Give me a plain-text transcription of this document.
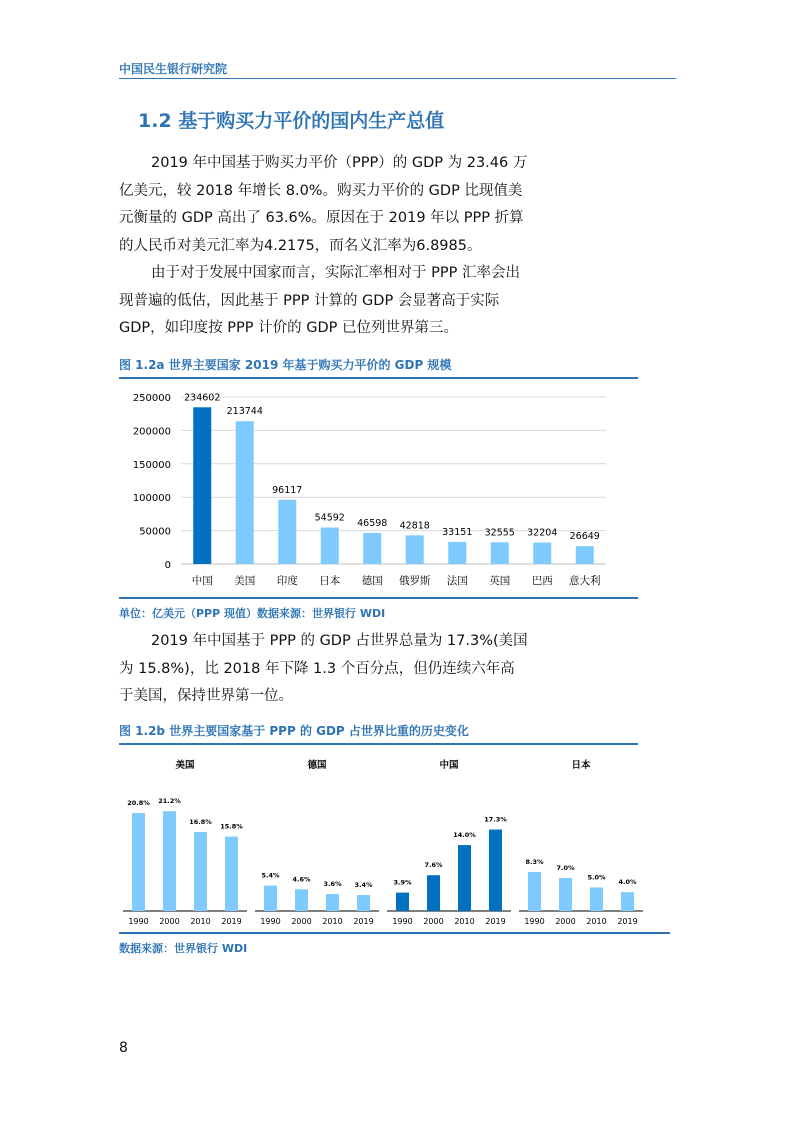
中国民生银行研究院
1.2 基于购买力平价的国内生产总值

2019 年中国基于购买力平价（PPP）的 GDP 为 23.46 万亿美元，较 2018 年增长 8.0%。购买力平价的 GDP 比现值美元衡量的 GDP 高出了 63.6%。原因在于 2019 年以 PPP 折算的人民币对美元汇率为4.2175，而名义汇率为6.8985。

由于对于发展中国家而言，实际汇率相对于 PPP 汇率会出现普遍的低估，因此基于 PPP 计算的 GDP 会显著高于实际 GDP，如印度按 PPP 计价的 GDP 已位列世界第三。

图 1.2a 世界主要国家 2019 年基于购买力平价的 GDP 规模
0
50000
100000
150000
200000
250000 234602
中国
213744
美国
96117
印度
54592
日本
46598
德国
42818
俄罗斯
33151
法国
32555
英国
32204
巴西
26649
意大利
单位：亿美元（PPP 现值）数据来源：世界银行 WDI

2019 年中国基于 PPP 的 GDP 占世界总量为 17.3%(美国为 15.8%)，比 2018 年下降 1.3 个百分点，但仍连续六年高于美国，保持世界第一位。

图 1.2b 世界主要国家基于 PPP 的 GDP 占世界比重的历史变化
美国
20.8%
1990
21.2%
2000
16.8%
2010
15.8%
2019
德国
5.4%
1990
4.6%
2000
3.6%
2010
3.4%
2019
中国
3.9%
1990
7.6%
2000
14.0%
2010
17.3%
2019
日本
8.3%
1990
7.0%
2000
5.0%
2010
4.0%
2019
数据来源：世界银行 WDI
8
